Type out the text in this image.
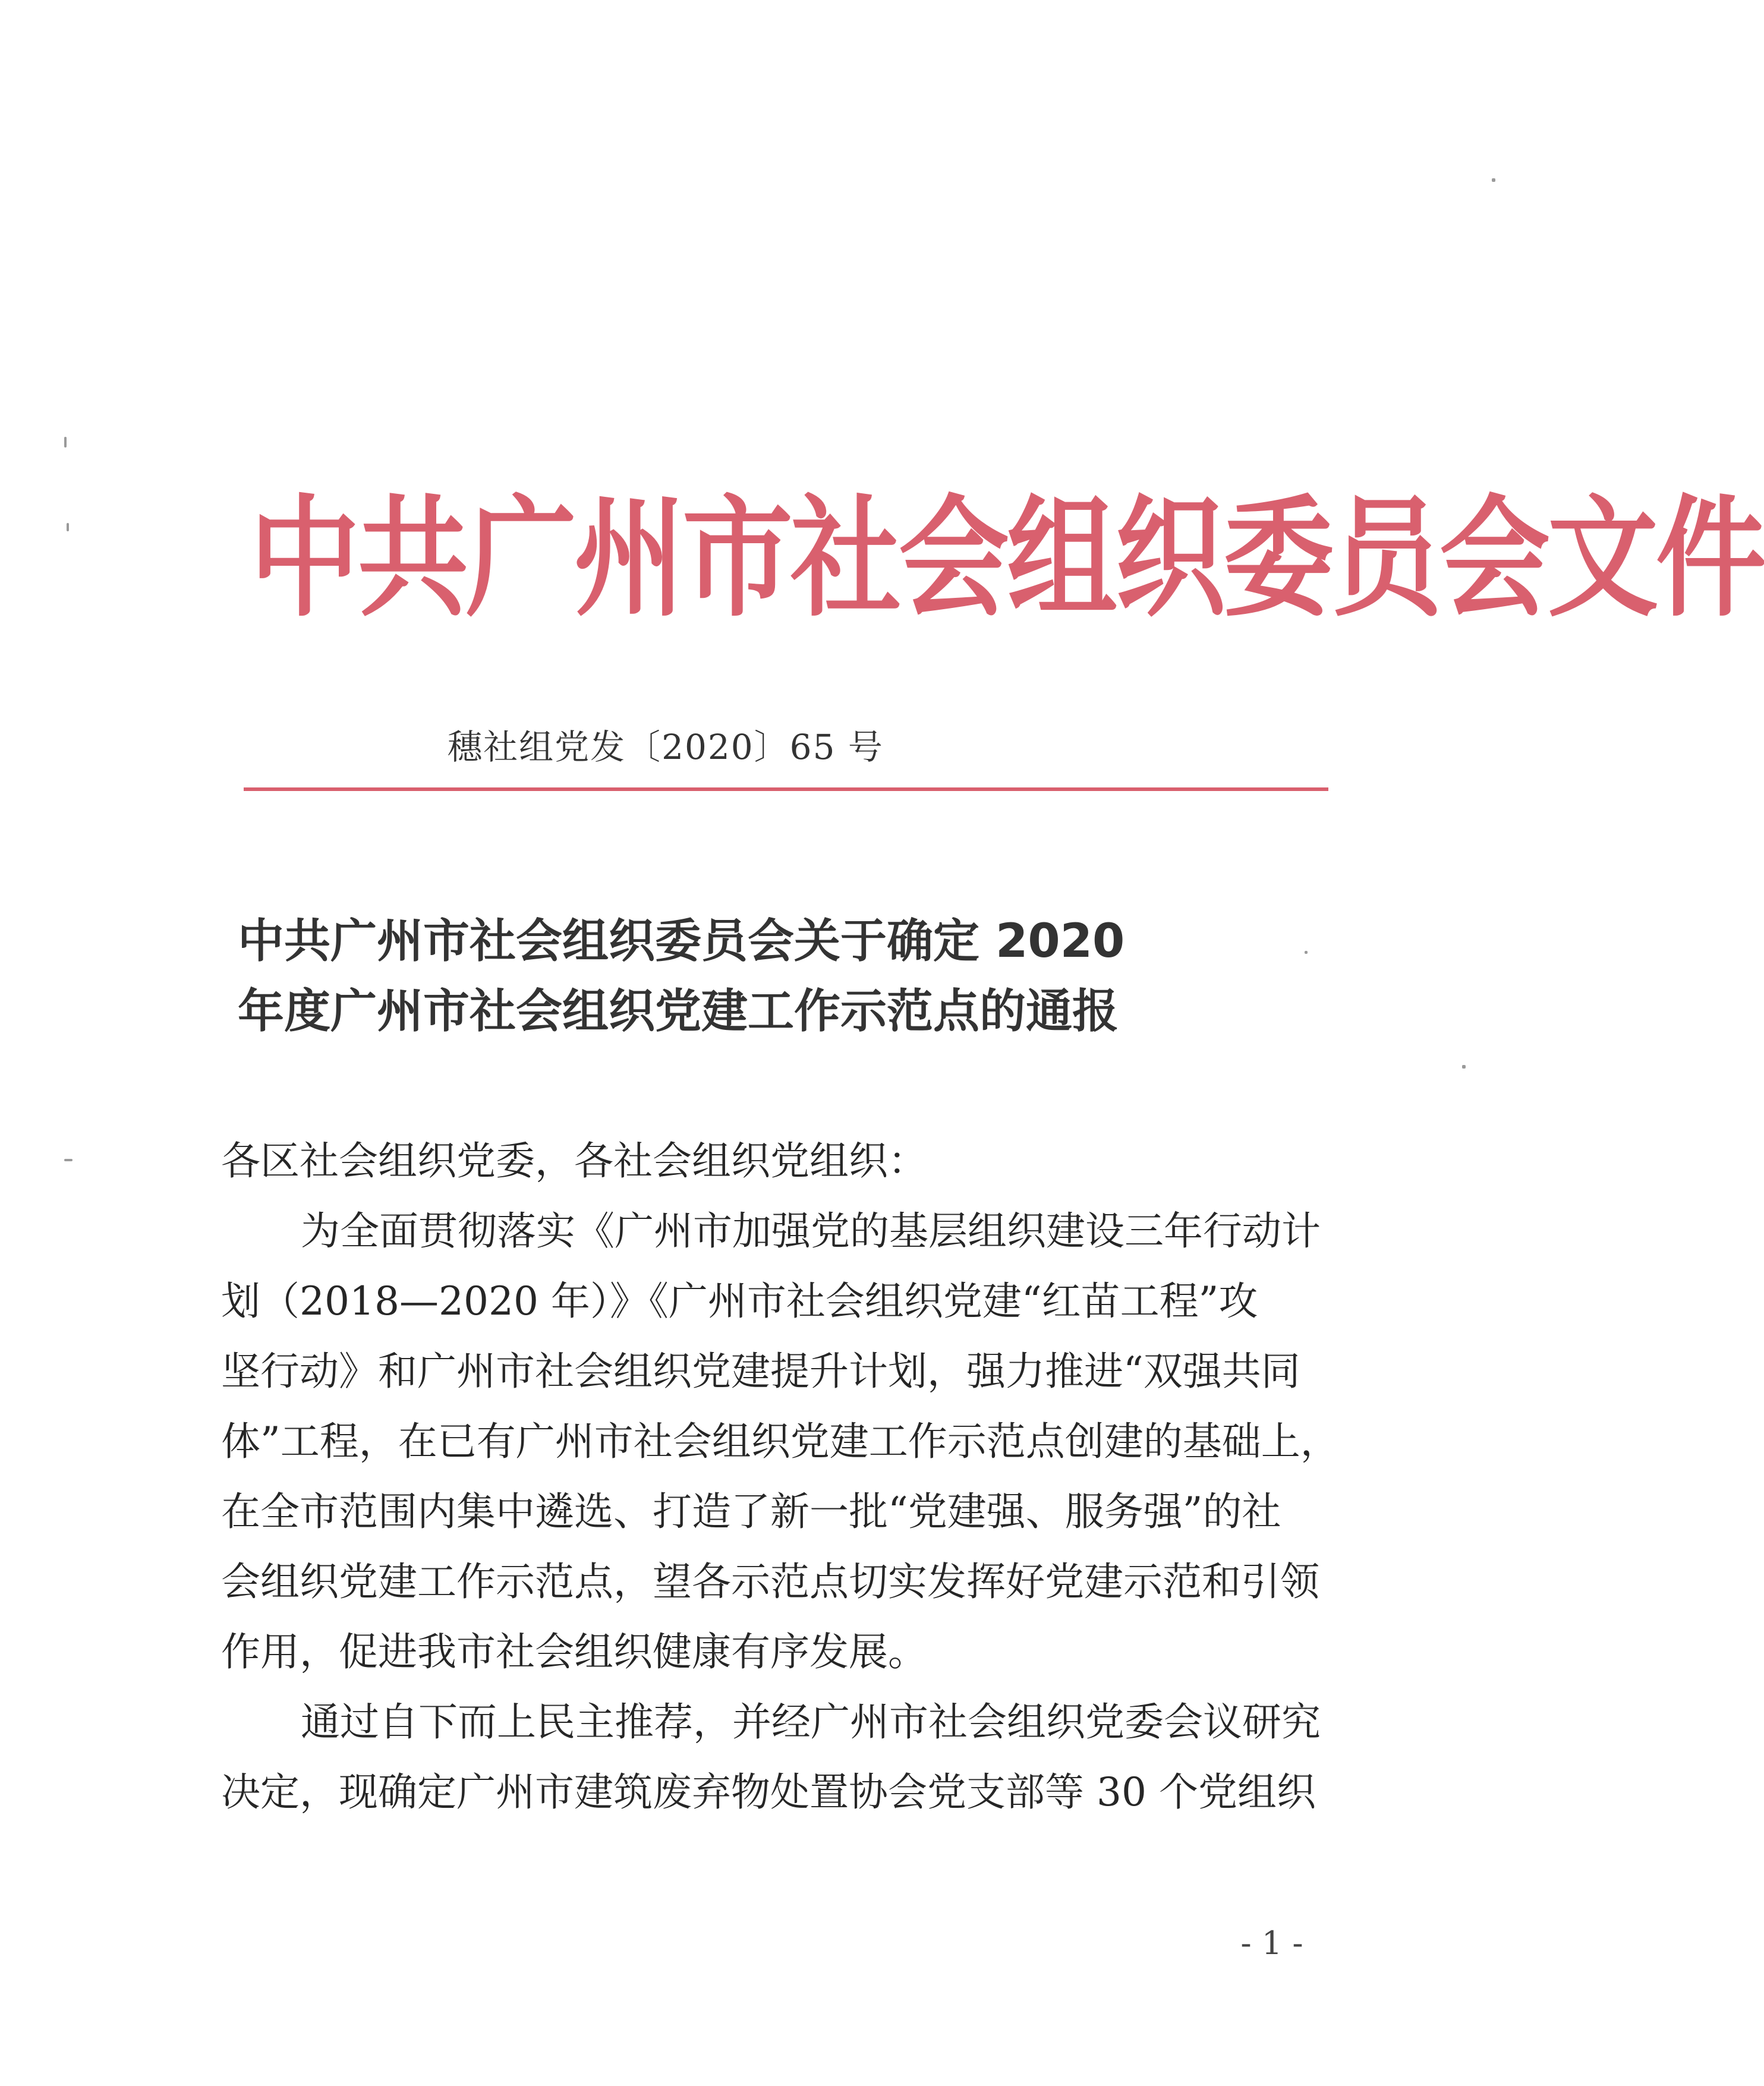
中共广州市社会组织委员会文件
穗社组党发〔2020〕65 号
中共广州市社会组织委员会关于确定 2020
年度广州市社会组织党建工作示范点的通报
各区社会组织党委，各社会组织党组织：
为全面贯彻落实《广州市加强党的基层组织建设三年行动计
划（2018—2020 年）》《广州市社会组织党建“红苗工程”攻
坚行动》和广州市社会组织党建提升计划，强力推进“双强共同
体”工程，在已有广州市社会组织党建工作示范点创建的基础上，
在全市范围内集中遴选、打造了新一批“党建强、服务强”的社
会组织党建工作示范点，望各示范点切实发挥好党建示范和引领
作用，促进我市社会组织健康有序发展。
通过自下而上民主推荐，并经广州市社会组织党委会议研究
决定，现确定广州市建筑废弃物处置协会党支部等 30 个党组织
- 1 -
